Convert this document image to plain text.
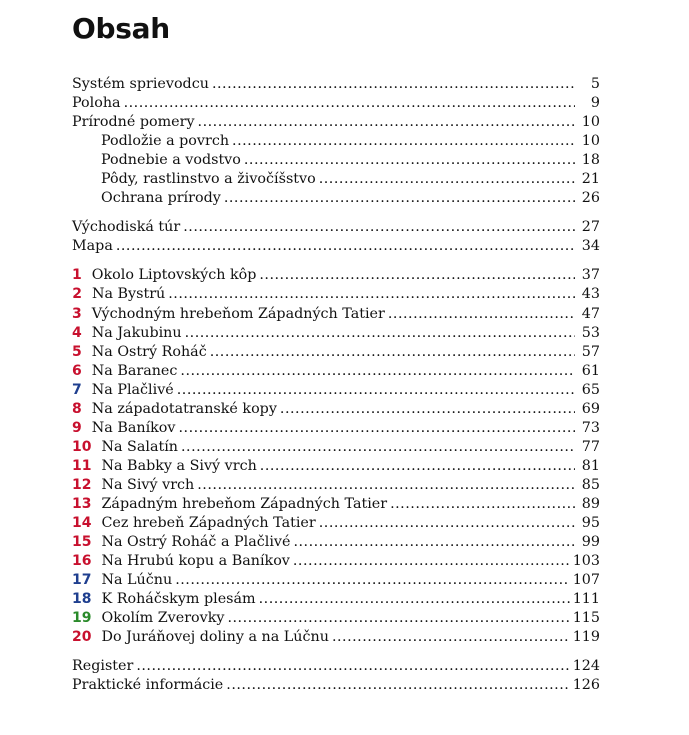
Obsah
Systém sprievodcu .....	5
Poloha .....	9
Prírodné pomery .....	10
Podložie a povrch .....	10
Podnebie a vodstvo .....	18
Pôdy, rastlinstvo a živočíšstvo .....	21
Ochrana prírody .....	26
Východiská túr .....	27
Mapa .....	34
1 Okolo Liptovských kôp .....	37
2 Na Bystrú .....	43
3 Východným hrebeňom Západných Tatier .....	47
4 Na Jakubinu .....	53
5 Na Ostrý Roháč .....	57
6 Na Baranec .....	61
7 Na Plačlivé .....	65
8 Na západotatranské kopy .....	69
9 Na Baníkov .....	73
10 Na Salatín .....	77
11 Na Babky a Sivý vrch .....	81
12 Na Sivý vrch .....	85
13 Západným hrebeňom Západných Tatier .....	89
14 Cez hrebeň Západných Tatier .....	95
15 Na Ostrý Roháč a Plačlivé .....	99
16 Na Hrubú kopu a Baníkov .....	103
17 Na Lúčnu .....	107
18 K Roháčskym plesám .....	111
19 Okolím Zverovky .....	115
20 Do Juráňovej doliny a na Lúčnu .....	119
Register .....	124
Praktické informácie .....	126
